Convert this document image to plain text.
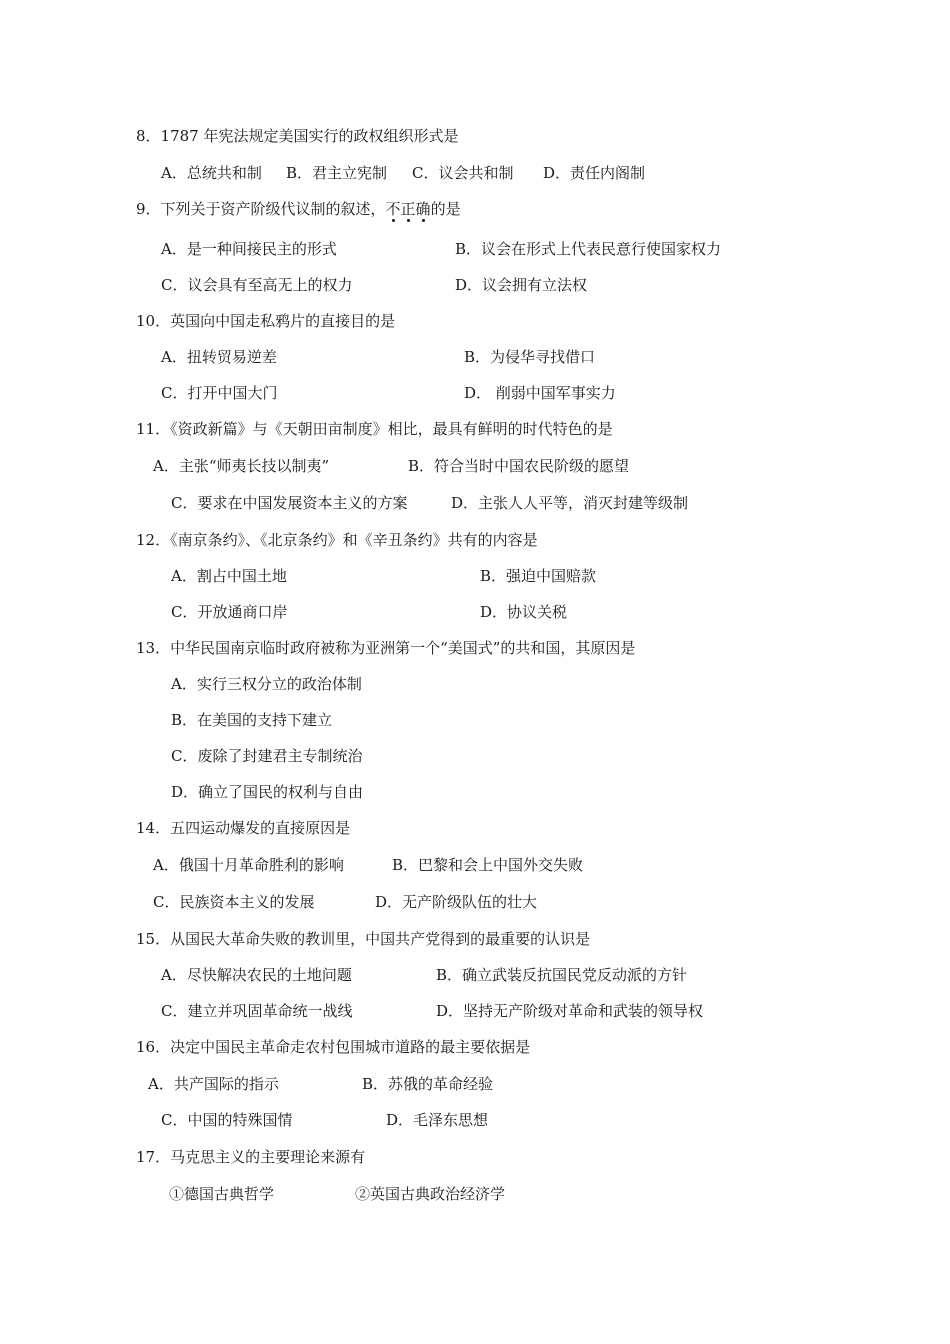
8．1787 年宪法规定美国实行的政权组织形式是
A．总统共和制 B．君主立宪制 C．议会共和制 D．责任内阁制
9．下列关于资产阶级代议制的叙述，不正确
的是
A．是一种间接民主的形式	B．议会在形式上代表民意行使国家权力
C．议会具有至高无上的权力	D．议会拥有立法权
10．英国向中国走私鸦片的直接目的是
A．扭转贸易逆差	B．为侵华寻找借口
C．打开中国大门	D． 削弱中国军事实力
11．《资政新篇》与《天朝田亩制度》相比，最具有鲜明的时代特色的是
A．主张“师夷长技以制夷”	B．符合当时中国农民阶级的愿望
C．要求在中国发展资本主义的方案	D．主张人人平等，消灭封建等级制
12．《南京条约》、《北京条约》和《辛丑条约》共有的内容是
A．割占中国土地	B．强迫中国赔款
C．开放通商口岸	D．协议关税
13．中华民国南京临时政府被称为亚洲第一个“美国式”的共和国，其原因是
A．实行三权分立的政治体制
B．在美国的支持下建立
C．废除了封建君主专制统治
D．确立了国民的权利与自由
14．五四运动爆发的直接原因是
A．俄国十月革命胜利的影响	B．巴黎和会上中国外交失败
C．民族资本主义的发展	D．无产阶级队伍的壮大
15．从国民大革命失败的教训里，中国共产党得到的最重要的认识是
A．尽快解决农民的土地问题	B．确立武装反抗国民党反动派的方针
C．建立并巩固革命统一战线	D．坚持无产阶级对革命和武装的领导权
16．决定中国民主革命走农村包围城市道路的最主要依据是
A．共产国际的指示	B．苏俄的革命经验
C．中国的特殊国情	D．毛泽东思想
17．马克思主义的主要理论来源有
①德国古典哲学	②英国古典政治经济学
